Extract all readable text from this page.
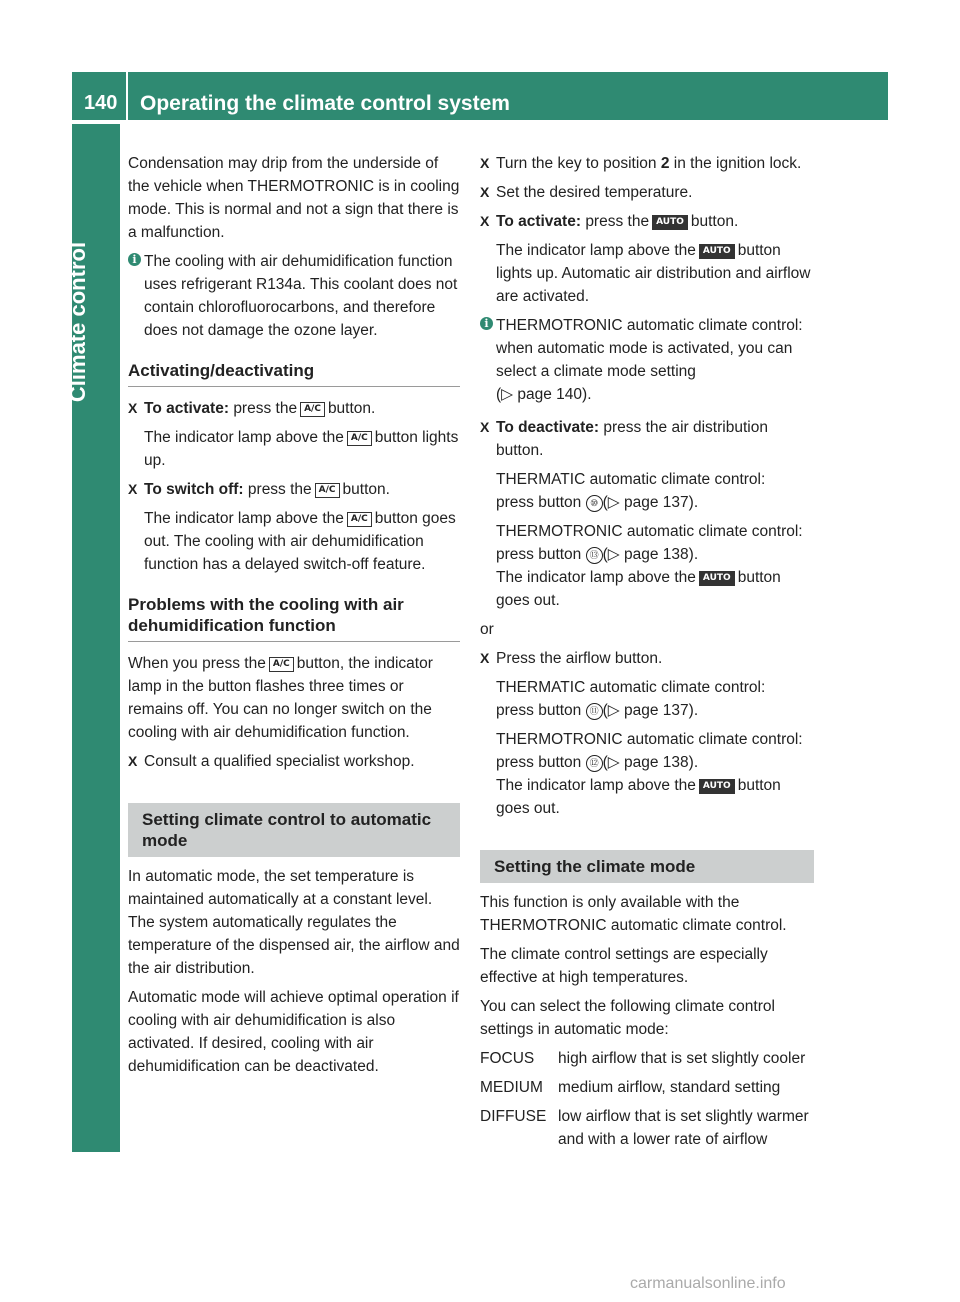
140 Operating the climate control system
Climate control

Condensation may drip from the underside of the vehicle when THERMOTRONIC is in cooling mode. This is normal and not a sign that there is a malfunction.

i The cooling with air dehumidification function uses refrigerant R134a. This coolant does not contain chlorofluorocarbons, and therefore does not damage the ozone layer.
Activating/deactivating
X To activate: press the A/C button.

The indicator lamp above the A/C button lights up.

X To switch off: press the A/C button.

The indicator lamp above the A/C button goes out. The cooling with air dehumidification function has a delayed switch-off feature.

Problems with the cooling with air dehumidification function

When you press the A/C button, the indicator lamp in the button flashes three times or remains off. You can no longer switch on the cooling with air dehumidification function.

X Consult a qualified specialist workshop.
Setting climate control to automatic mode

In automatic mode, the set temperature is maintained automatically at a constant level. The system automatically regulates the temperature of the dispensed air, the airflow and the air distribution.

Automatic mode will achieve optimal operation if cooling with air dehumidification is also activated. If desired, cooling with air dehumidification can be deactivated.

X Turn the key to position 2 in the ignition lock.
X Set the desired temperature.
X To activate: press the AUTO button.

The indicator lamp above the AUTO button lights up. Automatic air distribution and airflow are activated.

i THERMOTRONIC automatic climate control: when automatic mode is activated, you can select a climate mode setting
(▷ page 140).
X To deactivate: press the air distribution button.

THERMATIC automatic climate control:
press button ⑩ (▷ page 137).

THERMOTRONIC automatic climate control: press button ⑬ (▷ page 138).
The indicator lamp above the AUTO button goes out.

or

X Press the airflow button.

THERMATIC automatic climate control:
press button ⑪ (▷ page 137).

THERMOTRONIC automatic climate control: press button ⑫ (▷ page 138).
The indicator lamp above the AUTO button goes out.

Setting the climate mode

This function is only available with the THERMOTRONIC automatic climate control.

The climate control settings are especially effective at high temperatures.

You can select the following climate control settings in automatic mode:

FOCUS	high airflow that is set slightly cooler
MEDIUM medium airflow, standard setting
DIFFUSE low airflow that is set slightly warmer and with a lower rate of airflow
carmanualsonline.info
